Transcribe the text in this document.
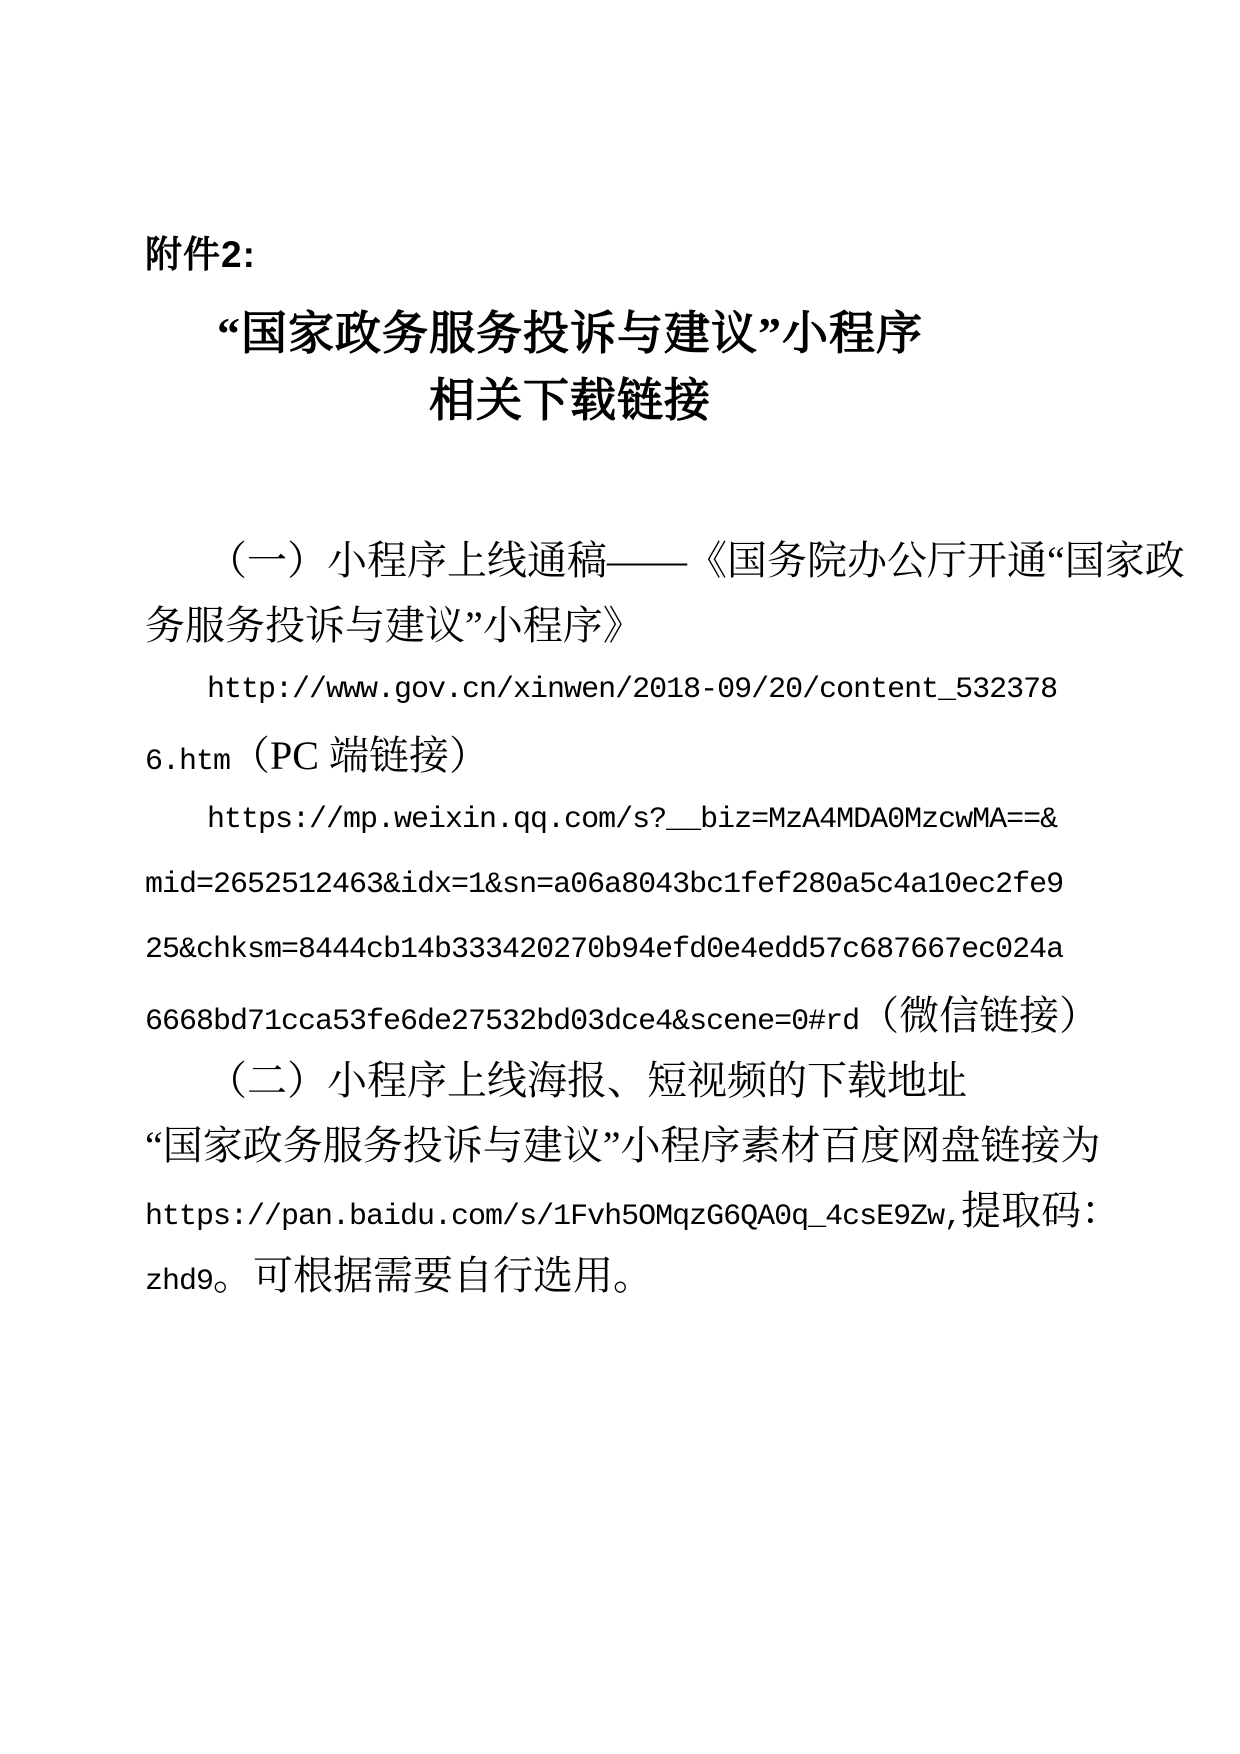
附件2:
“国家政务服务投诉与建议”小程序
相关下载链接
（一）小程序上线通稿——《国务院办公厅开通“国家政
务服务投诉与建议”小程序》
http://www.gov.cn/xinwen/2018-09/20/content_532378
6.htm（PC 端链接）
https://mp.weixin.qq.com/s?__biz=MzA4MDA0MzcwMA==&
mid=2652512463&idx=1&sn=a06a8043bc1fef280a5c4a10ec2fe9
25&chksm=8444cb14b333420270b94efd0e4edd57c687667ec024a
6668bd71cca53fe6de27532bd03dce4&scene=0#rd（微信链接）
（二）小程序上线海报、短视频的下载地址
“国家政务服务投诉与建议”小程序素材百度网盘链接为
https://pan.baidu.com/s/1Fvh5OMqzG6QA0q_4csE9Zw,提取码：
zhd9。可根据需要自行选用。
